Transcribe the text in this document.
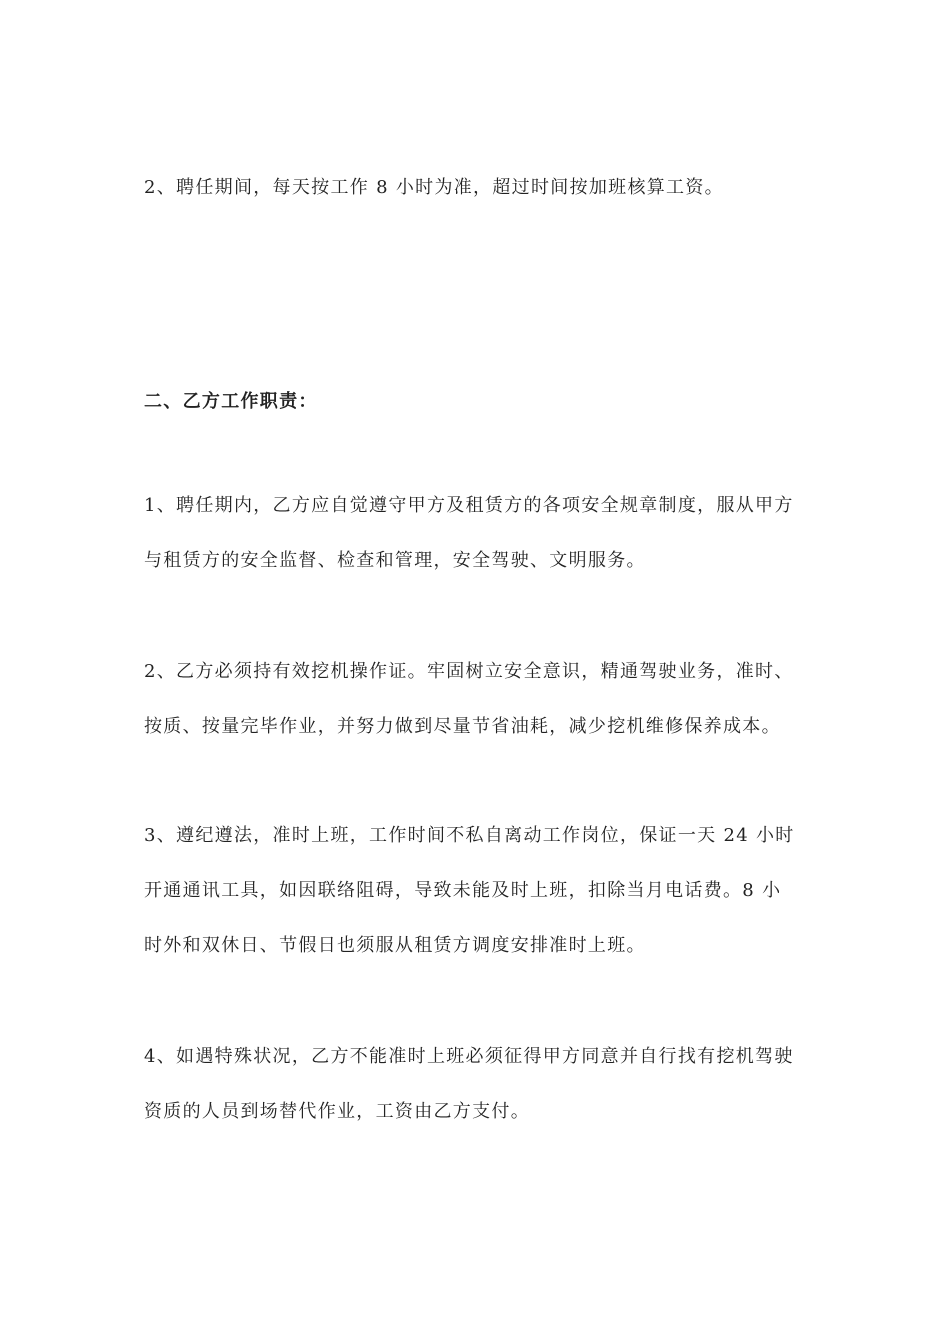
2、聘任期间，每天按工作 8 小时为准，超过时间按加班核算工资。
二、乙方工作职责：
1、聘任期内，乙方应自觉遵守甲方及租赁方的各项安全规章制度，服从甲方
与租赁方的安全监督、检查和管理，安全驾驶、文明服务。
2、乙方必须持有效挖机操作证。牢固树立安全意识，精通驾驶业务，准时、
按质、按量完毕作业，并努力做到尽量节省油耗，减少挖机维修保养成本。
3、遵纪遵法，准时上班，工作时间不私自离动工作岗位，保证一天 24 小时
开通通讯工具，如因联络阻碍，导致未能及时上班，扣除当月电话费。8 小
时外和双休日、节假日也须服从租赁方调度安排准时上班。
4、如遇特殊状况，乙方不能准时上班必须征得甲方同意并自行找有挖机驾驶
资质的人员到场替代作业，工资由乙方支付。
